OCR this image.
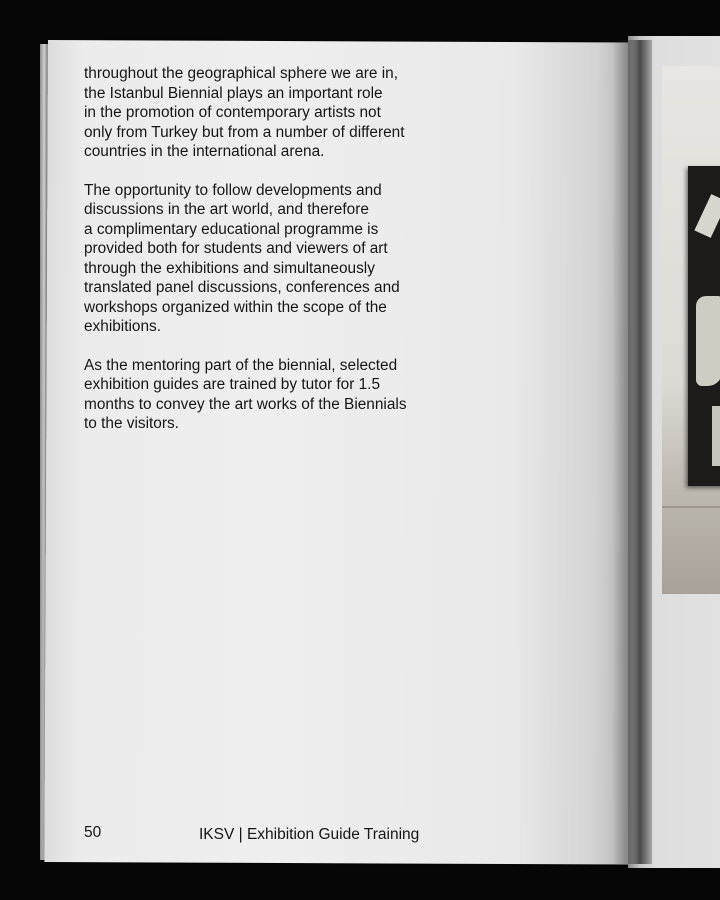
throughout the geographical sphere we are in,
the Istanbul Biennial plays an important role
in the promotion of contemporary artists not
only from Turkey but from a number of different
countries in the international arena.

The opportunity to follow developments and
discussions in the art world, and therefore
a complimentary educational programme is
provided both for students and viewers of art
through the exhibitions and simultaneously
translated panel discussions, conferences and
workshops organized within the scope of the
exhibitions.

As the mentoring part of the biennial, selected
exhibition guides are trained by tutor for 1.5
months to convey the art works of the Biennials
to the visitors.

50	IKSV | Exhibition Guide Training
